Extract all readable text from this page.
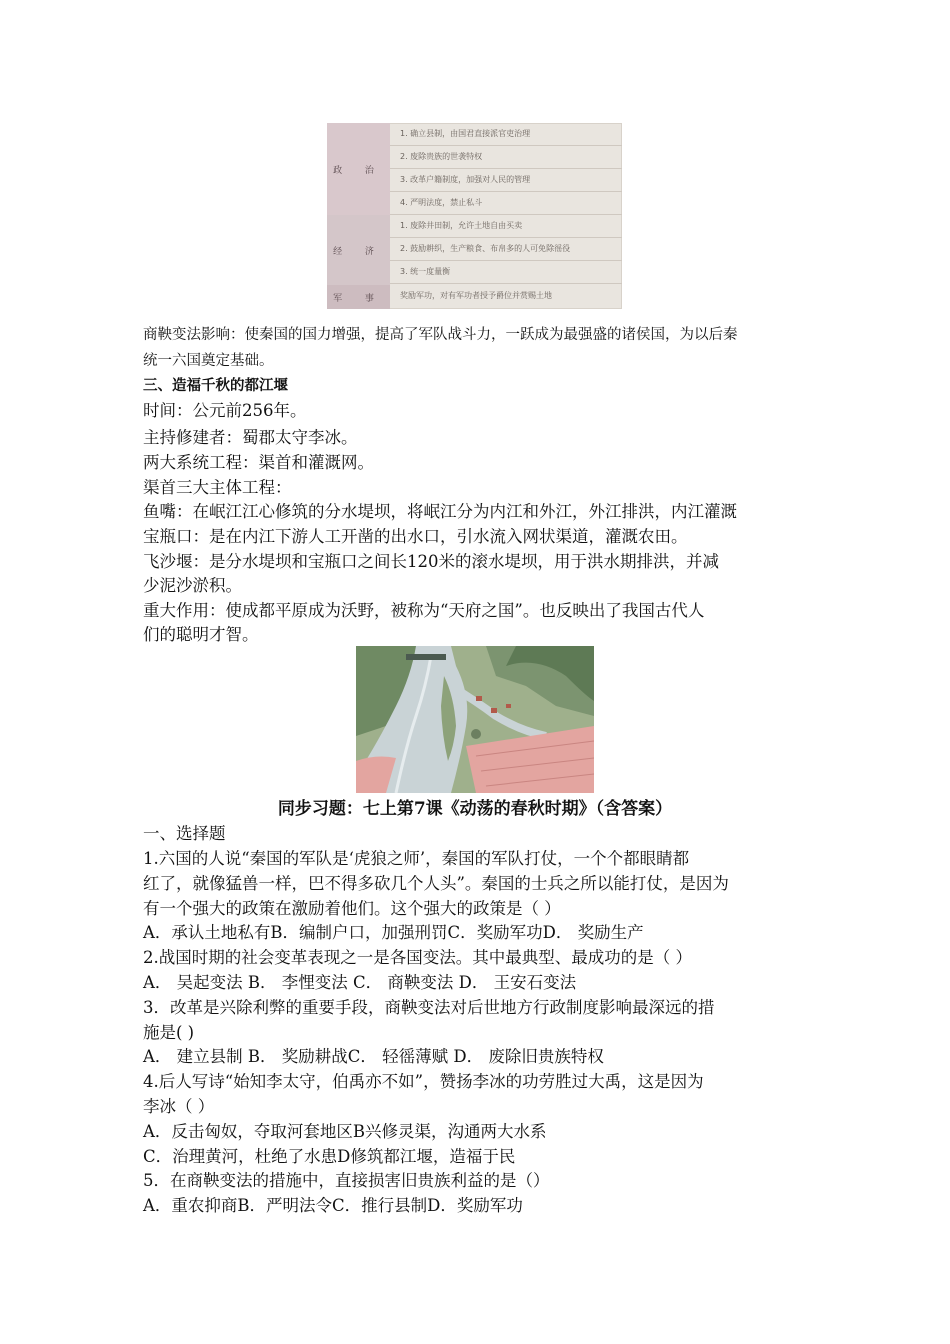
政 治
经 济
军 事
1. 确立县制，由国君直接派官吏治理
2. 废除贵族的世袭特权
3. 改革户籍制度，加强对人民的管理
4. 严明法度，禁止私斗
1. 废除井田制，允许土地自由买卖
2. 鼓励耕织，生产粮食、布帛多的人可免除徭役
3. 统一度量衡
奖励军功，对有军功者授予爵位并赏赐土地
商鞅变法影响：使秦国的国力增强，提高了军队战斗力，一跃成为最强盛的诸侯国，为以后秦
统一六国奠定基础。
三、造福千秋的都江堰
时间：公元前256年。
主持修建者：蜀郡太守李冰。
两大系统工程：渠首和灌溉网。
渠首三大主体工程：
鱼嘴：在岷江江心修筑的分水堤坝，将岷江分为内江和外江，外江排洪，内江灌溉
宝瓶口：是在内江下游人工开凿的出水口，引水流入网状渠道，灌溉农田。
飞沙堰：是分水堤坝和宝瓶口之间长120米的滚水堤坝，用于洪水期排洪，并减
少泥沙淤积。
重大作用：使成都平原成为沃野，被称为“天府之国”。也反映出了我国古代人
们的聪明才智。
同步习题：七上第7课《动荡的春秋时期》（含答案）
一、选择题
1.六国的人说“秦国的军队是‘虎狼之师’，秦国的军队打仗，一个个都眼睛都
红了，就像猛兽一样，巴不得多砍几个人头”。秦国的士兵之所以能打仗，是因为
有一个强大的政策在激励着他们。这个强大的政策是（ ）
A．承认土地私有B．编制户口，加强刑罚C．奖励军功D． 奖励生产
2.战国时期的社会变革表现之一是各国变法。其中最典型、最成功的是（ ）
A． 吴起变法 B． 李悝变法 C． 商鞅变法 D． 王安石变法
3．改革是兴除利弊的重要手段，商鞅变法对后世地方行政制度影响最深远的措
施是( )
A． 建立县制 B． 奖励耕战C． 轻徭薄赋 D． 废除旧贵族特权
4.后人写诗“始知李太守，伯禹亦不如”，赞扬李冰的功劳胜过大禹，这是因为
李冰（ ）
A．反击匈奴，夺取河套地区B兴修灵渠，沟通两大水系
C．治理黄河，杜绝了水患D修筑都江堰，造福于民
5．在商鞅变法的措施中，直接损害旧贵族利益的是（）
A．重农抑商B．严明法令C．推行县制D．奖励军功
